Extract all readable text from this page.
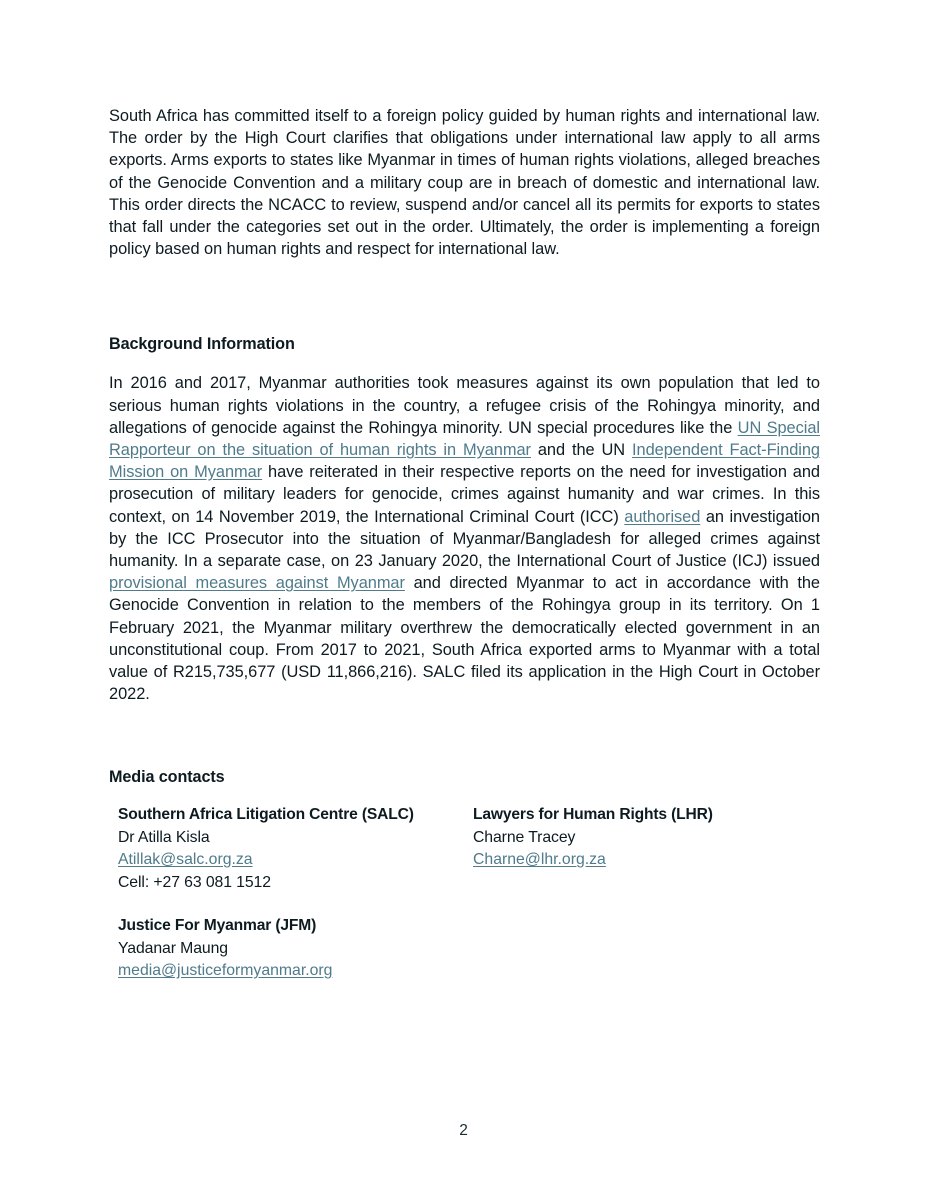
South Africa has committed itself to a foreign policy guided by human rights and international law. The order by the High Court clarifies that obligations under international law apply to all arms exports. Arms exports to states like Myanmar in times of human rights violations, alleged breaches of the Genocide Convention and a military coup are in breach of domestic and international law. This order directs the NCACC to review, suspend and/or cancel all its permits for exports to states that fall under the categories set out in the order. Ultimately, the order is implementing a foreign policy based on human rights and respect for international law.

Background Information

In 2016 and 2017, Myanmar authorities took measures against its own population that led to serious human rights violations in the country, a refugee crisis of the Rohingya minority, and allegations of genocide against the Rohingya minority. UN special procedures like the UN Special Rapporteur on the situation of human rights in Myanmar and the UN Independent Fact-Finding Mission on Myanmar have reiterated in their respective reports on the need for investigation and prosecution of military leaders for genocide, crimes against humanity and war crimes. In this context, on 14 November 2019, the International Criminal Court (ICC) authorised an investigation by the ICC Prosecutor into the situation of Myanmar/Bangladesh for alleged crimes against humanity. In a separate case, on 23 January 2020, the International Court of Justice (ICJ) issued provisional measures against Myanmar and directed Myanmar to act in accordance with the Genocide Convention in relation to the members of the Rohingya group in its territory. On 1 February 2021, the Myanmar military overthrew the democratically elected government in an unconstitutional coup. From 2017 to 2021, South Africa exported arms to Myanmar with a total value of R215,735,677 (USD 11,866,216). SALC filed its application in the High Court in October 2022.

Media contacts
Southern Africa Litigation Centre (SALC)
Dr Atilla Kisla
Atillak@salc.org.za
Cell: +27 63 081 1512
Lawyers for Human Rights (LHR)
Charne Tracey
Charne@lhr.org.za
Justice For Myanmar (JFM)
Yadanar Maung
media@justiceformyanmar.org
2
